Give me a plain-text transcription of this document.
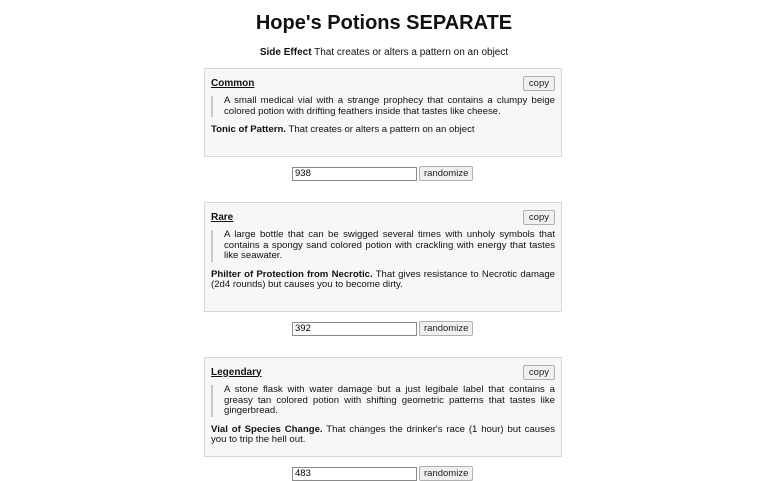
Hope's Potions SEPARATE
Side Effect That creates or alters a pattern on an object
Common	copy
A small medical vial with a strange prophecy that contains a clumpy beige colored potion with drifting feathers inside that tastes like cheese.
Tonic of Pattern. That creates or alters a pattern on an object
938
randomize
Rare	copy
A large bottle that can be swigged several times with unholy symbols that contains a spongy sand colored potion with crackling with energy that tastes like seawater.
Philter of Protection from Necrotic. That gives resistance to Necrotic damage (2d4 rounds) but causes you to become dirty.
392
randomize
Legendary	copy
A stone flask with water damage but a just legibale label that contains a greasy tan colored potion with shifting geometric patterns that tastes like gingerbread.
Vial of Species Change. That changes the drinker's race (1 hour) but causes you to trip the hell out.
483
randomize
